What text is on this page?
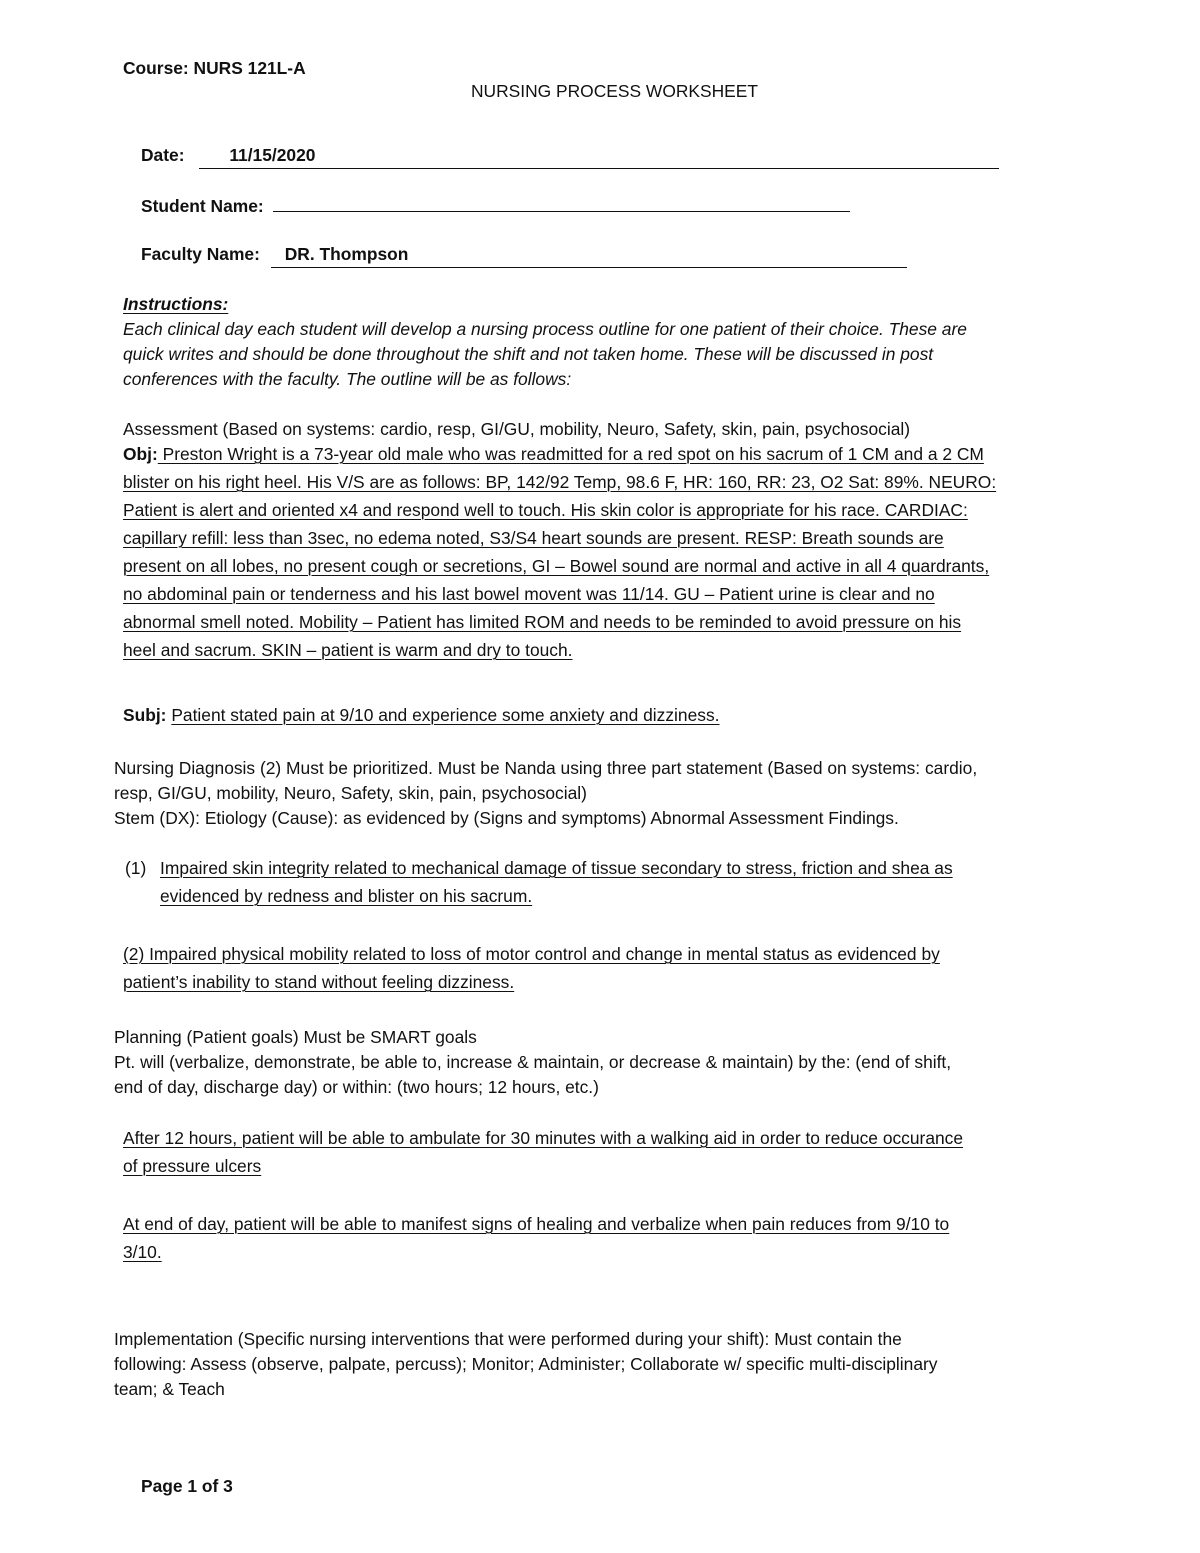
Course: NURS 121L-A
NURSING PROCESS WORKSHEET
Date:	11/15/2020
Student Name:
Faculty Name: DR. Thompson
Instructions:
Each clinical day each student will develop a nursing process outline for one patient of their choice. These are
quick writes and should be done throughout the shift and not taken home. These will be discussed in post
conferences with the faculty. The outline will be as follows:
Assessment (Based on systems: cardio, resp, GI/GU, mobility, Neuro, Safety, skin, pain, psychosocial)
Obj: Preston Wright is a 73-year old male who was readmitted for a red spot on his sacrum of 1 CM and a 2 CM
blister on his right heel. His V/S are as follows: BP, 142/92 Temp, 98.6 F, HR: 160, RR: 23, O2 Sat: 89%. NEURO:
Patient is alert and oriented x4 and respond well to touch. His skin color is appropriate for his race. CARDIAC:
capillary refill: less than 3sec, no edema noted, S3/S4 heart sounds are present. RESP: Breath sounds are
present on all lobes, no present cough or secretions, GI – Bowel sound are normal and active in all 4 quardrants,
no abdominal pain or tenderness and his last bowel movent was 11/14. GU – Patient urine is clear and no
abnormal smell noted. Mobility – Patient has limited ROM and needs to be reminded to avoid pressure on his
heel and sacrum. SKIN – patient is warm and dry to touch.
Subj: Patient stated pain at 9/10 and experience some anxiety and dizziness.
Nursing Diagnosis (2) Must be prioritized. Must be Nanda using three part statement (Based on systems: cardio,
resp, GI/GU, mobility, Neuro, Safety, skin, pain, psychosocial)
Stem (DX): Etiology (Cause): as evidenced by (Signs and symptoms) Abnormal Assessment Findings.
(1) Impaired skin integrity related to mechanical damage of tissue secondary to stress, friction and shea as
evidenced by redness and blister on his sacrum.
(2) Impaired physical mobility related to loss of motor control and change in mental status as evidenced by
patient’s inability to stand without feeling dizziness.
Planning (Patient goals) Must be SMART goals
Pt. will (verbalize, demonstrate, be able to, increase & maintain, or decrease & maintain) by the: (end of shift,
end of day, discharge day) or within: (two hours; 12 hours, etc.)
After 12 hours, patient will be able to ambulate for 30 minutes with a walking aid in order to reduce occurance
of pressure ulcers
At end of day, patient will be able to manifest signs of healing and verbalize when pain reduces from 9/10 to
3/10.
Implementation (Specific nursing interventions that were performed during your shift): Must contain the
following: Assess (observe, palpate, percuss); Monitor; Administer; Collaborate w/ specific multi-disciplinary
team; & Teach
Page 1 of 3
